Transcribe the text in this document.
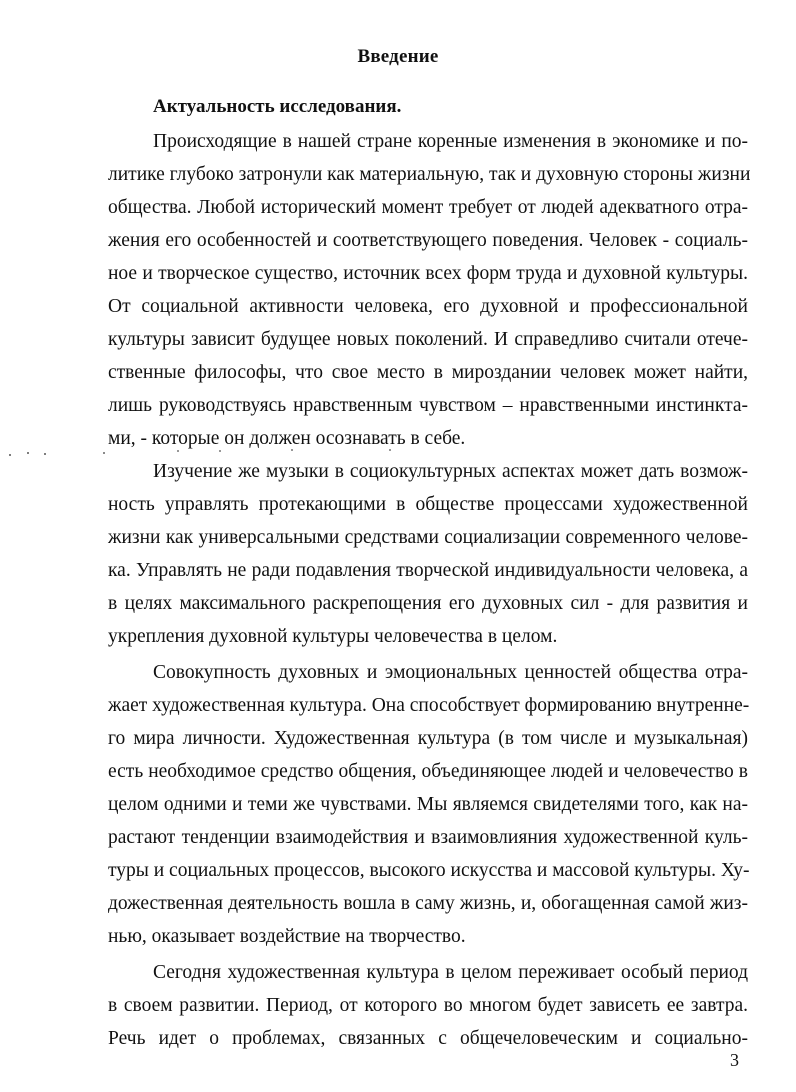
Введение
Актуальность исследования.
Происходящие в нашей стране коренные изменения в экономике и по-
литике глубоко затронули как материальную, так и духовную стороны жизни
общества. Любой исторический момент требует от людей адекватного отра-
жения его особенностей и соответствующего поведения. Человек - социаль-
ное и творческое существо, источник всех форм труда и духовной культуры.
От социальной активности человека, его духовной и профессиональной
культуры зависит будущее новых поколений. И справедливо считали отече-
ственные философы, что свое место в мироздании человек может найти,
лишь руководствуясь нравственным чувством – нравственными инстинкта-
ми, - которые он должен осознавать в себе.
Изучение же музыки в социокультурных аспектах может дать возмож-
ность управлять протекающими в обществе процессами художественной
жизни как универсальными средствами социализации современного челове-
ка. Управлять не ради подавления творческой индивидуальности человека, а
в целях максимального раскрепощения его духовных сил - для развития и
укрепления духовной культуры человечества в целом.
Совокупность духовных и эмоциональных ценностей общества отра-
жает художественная культура. Она способствует формированию внутренне-
го мира личности. Художественная культура (в том числе и музыкальная)
есть необходимое средство общения, объединяющее людей и человечество в
целом одними и теми же чувствами. Мы являемся свидетелями того, как на-
растают тенденции взаимодействия и взаимовлияния художественной куль-
туры и социальных процессов, высокого искусства и массовой культуры. Ху-
дожественная деятельность вошла в саму жизнь, и, обогащенная самой жиз-
нью, оказывает воздействие на творчество.
Сегодня художественная культура в целом переживает особый период
в своем развитии. Период, от которого во многом будет зависеть ее завтра.
Речь идет о проблемах, связанных с общечеловеческим и социально-
3
